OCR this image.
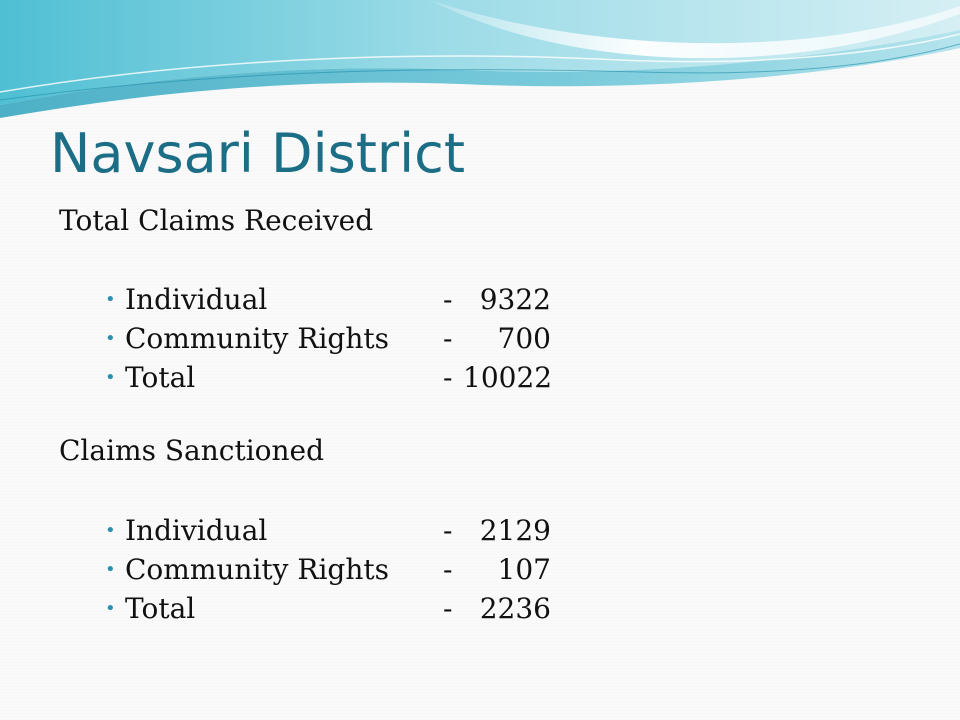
Navsari District
Total Claims Received
• Individual	- 9322
• Community Rights -	700
• Total	- 10022
Claims Sanctioned
• Individual	- 2129
• Community Rights -	107
• Total	- 2236
